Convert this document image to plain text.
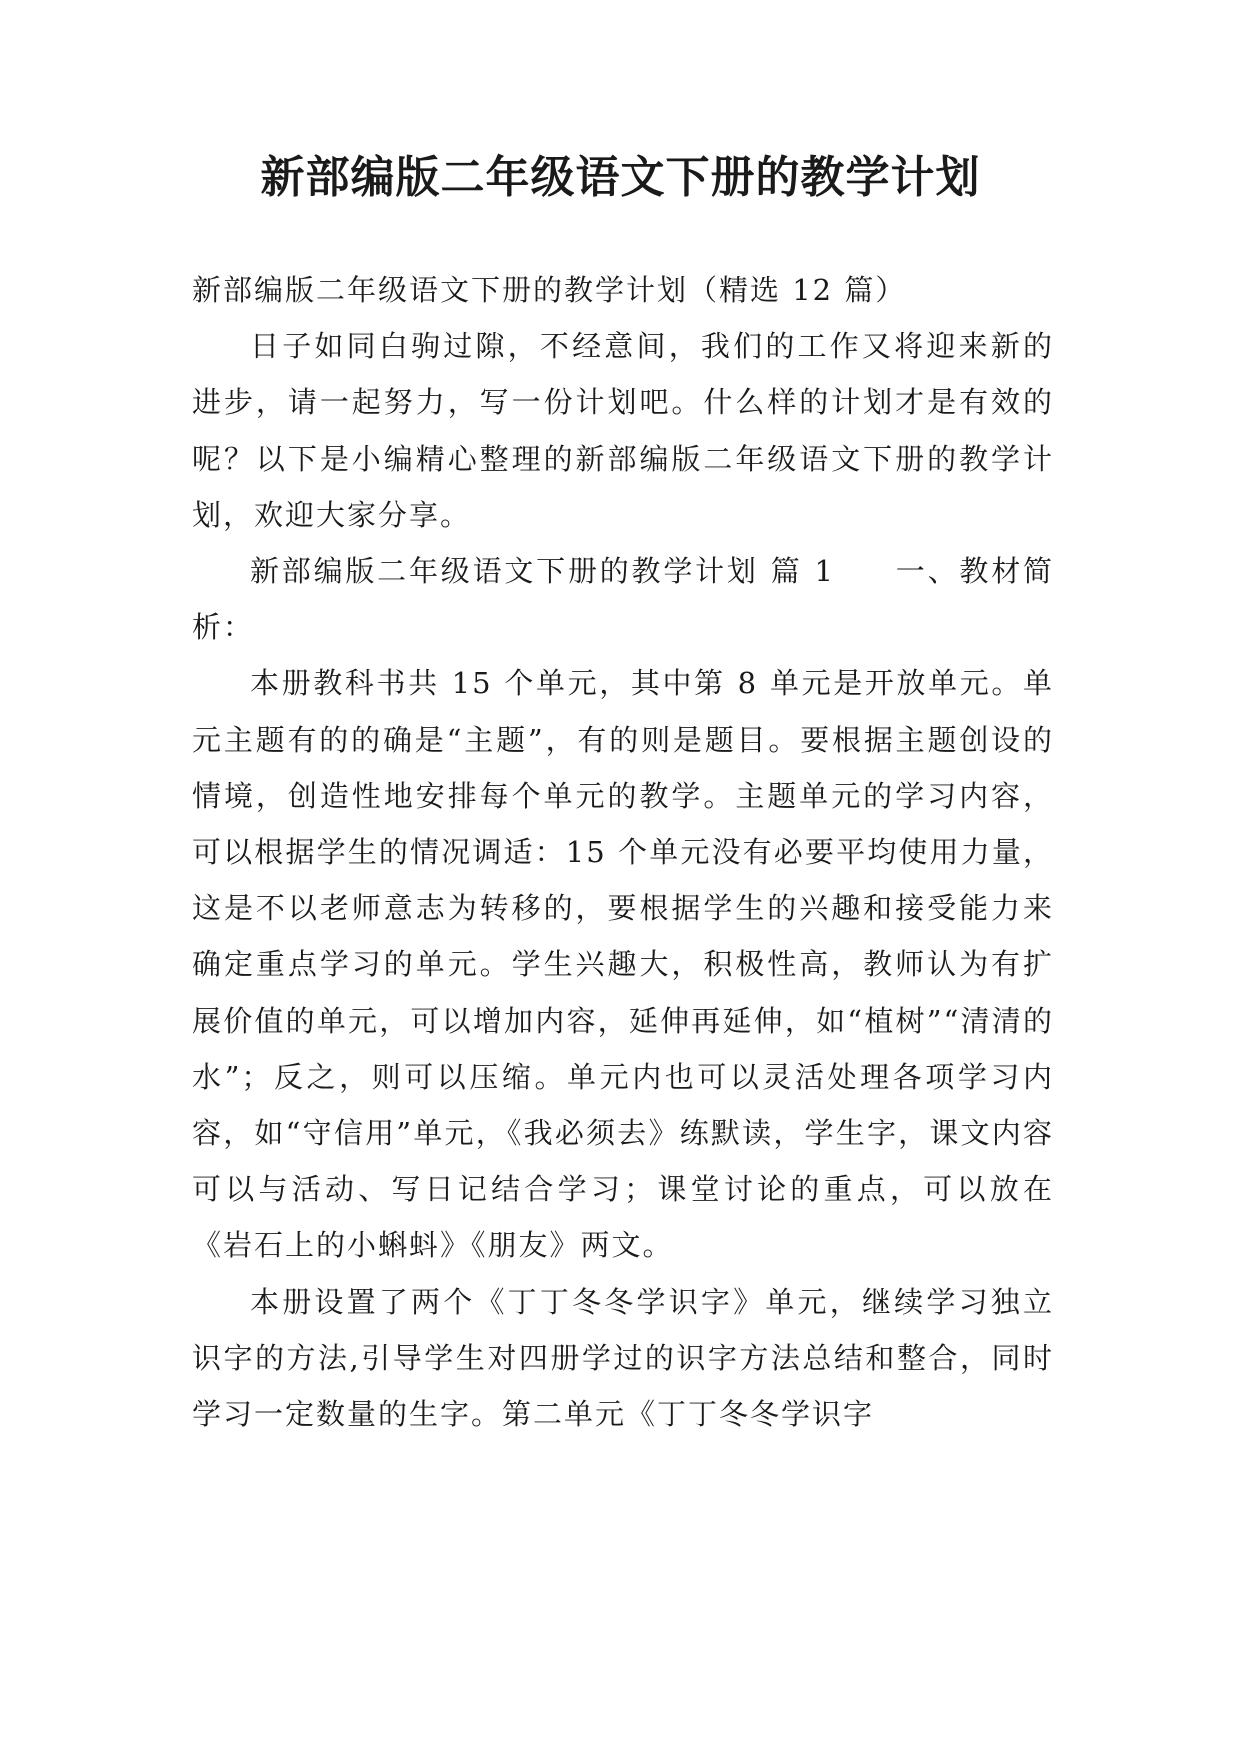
新部编版二年级语文下册的教学计划

新部编版二年级语文下册的教学计划（精选 12 篇）

日子如同白驹过隙，不经意间，我们的工作又将迎来新的进步，请一起努力，写一份计划吧。什么样的计划才是有效的呢？以下是小编精心整理的新部编版二年级语文下册的教学计划，欢迎大家分享。

新部编版二年级语文下册的教学计划 篇 1 一、教材简析：

本册教科书共 15 个单元，其中第 8 单元是开放单元。单元主题有的的确是“主题”，有的则是题目。要根据主题创设的情境，创造性地安排每个单元的教学。主题单元的学习内容，可以根据学生的情况调适：15 个单元没有必要平均使用力量，这是不以老师意志为转移的，要根据学生的兴趣和接受能力来确定重点学习的单元。学生兴趣大，积极性高，教师认为有扩展价值的单元，可以增加内容，延伸再延伸，如“植树”“清清的水”；反之，则可以压缩。单元内也可以灵活处理各项学习内容，如“守信用”单元，《我必须去》练默读，学生字，课文内容可以与活动、写日记结合学习；课堂讨论的重点，可以放在《岩石上的小蝌蚪》《朋友》两文。

本册设置了两个《丁丁冬冬学识字》单元，继续学习独立识字的方法,引导学生对四册学过的识字方法总结和整合，同时学习一定数量的生字。第二单元《丁丁冬冬学识字
